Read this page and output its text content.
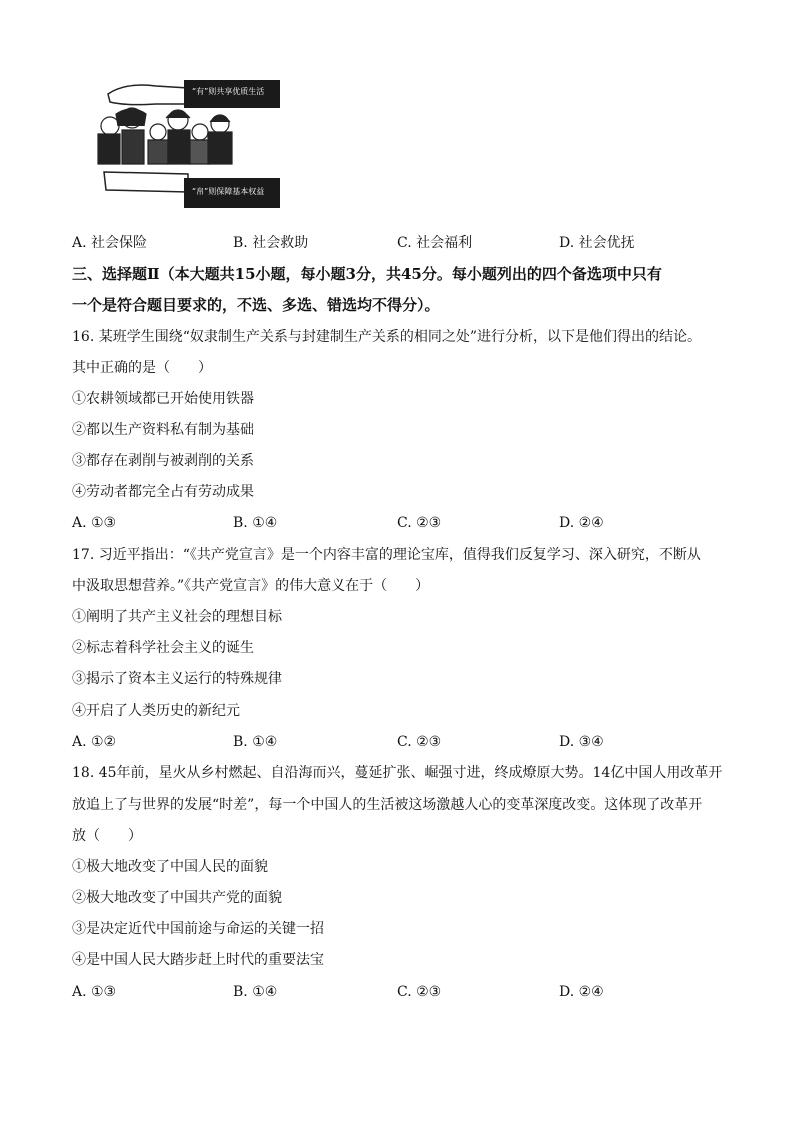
“有”则共享优质生活
“帛”则保障基本权益
A. 社会保险	B. 社会救助	C. 社会福利	D. 社会优抚
三、选择题Ⅱ（本大题共15小题，每小题3分，共45分。每小题列出的四个备选项中只有
一个是符合题目要求的，不选、多选、错选均不得分）。
16. 某班学生围绕“奴隶制生产关系与封建制生产关系的相同之处”进行分析，以下是他们得出的结论。
其中正确的是（　　）
①农耕领域都已开始使用铁器
②都以生产资料私有制为基础
③都存在剥削与被剥削的关系
④劳动者都完全占有劳动成果
A. ①③	B. ①④	C. ②③	D. ②④
17. 习近平指出：“《共产党宣言》是一个内容丰富的理论宝库，值得我们反复学习、深入研究，不断从
中汲取思想营养。”《共产党宣言》的伟大意义在于（　　）
①阐明了共产主义社会的理想目标
②标志着科学社会主义的诞生
③揭示了资本主义运行的特殊规律
④开启了人类历史的新纪元
A. ①②	B. ①④	C. ②③	D. ③④
18. 45年前，星火从乡村燃起、自沿海而兴，蔓延扩张、崛强寸进，终成燎原大势。14亿中国人用改革开
放追上了与世界的发展“时差”，每一个中国人的生活被这场激越人心的变革深度改变。这体现了改革开
放（　　）
①极大地改变了中国人民的面貌
②极大地改变了中国共产党的面貌
③是决定近代中国前途与命运的关键一招
④是中国人民大踏步赶上时代的重要法宝
A. ①③	B. ①④	C. ②③	D. ②④
